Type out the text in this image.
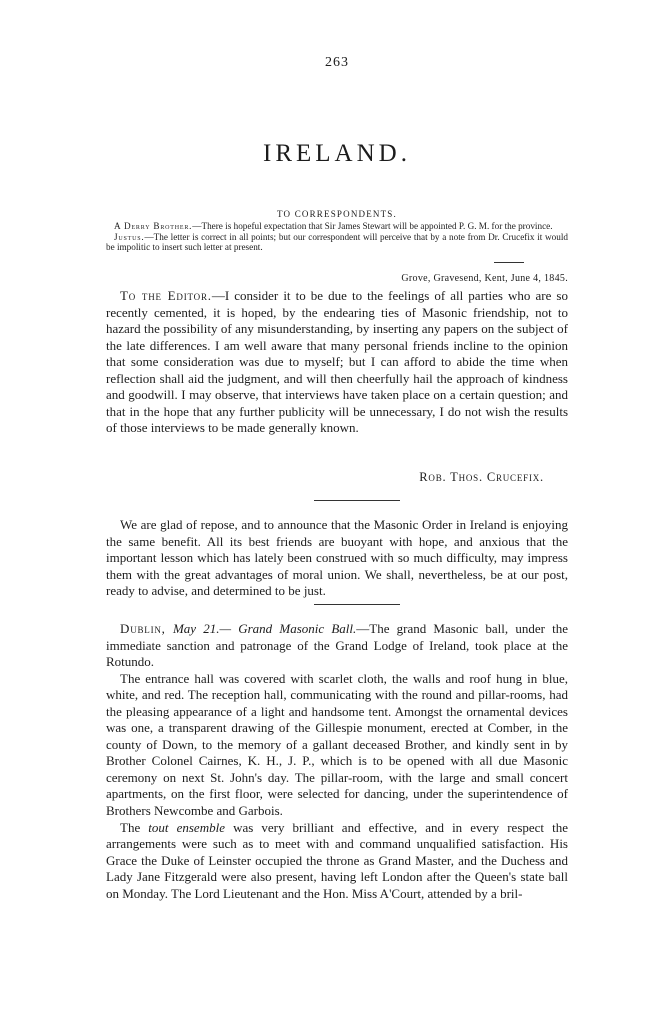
263
IRELAND.
TO CORRESPONDENTS.

A Derry Brother.—There is hopeful expectation that Sir James Stewart will be appointed P. G. M. for the province.

Justus.—The letter is correct in all points; but our correspondent will perceive that by a note from Dr. Crucefix it would be impolitic to insert such letter at present.

Grove, Gravesend, Kent, June 4, 1845.

To the Editor.—I consider it to be due to the feelings of all parties who are so recently cemented, it is hoped, by the endearing ties of Masonic friendship, not to hazard the possibility of any misunderstanding, by inserting any papers on the subject of the late differences. I am well aware that many personal friends incline to the opinion that some consideration was due to myself; but I can afford to abide the time when reflection shall aid the judgment, and will then cheerfully hail the approach of kindness and goodwill. I may observe, that interviews have taken place on a certain question; and that in the hope that any further publicity will be unnecessary, I do not wish the results of those interviews to be made generally known.

Rob. Thos. Crucefix.

We are glad of repose, and to announce that the Masonic Order in Ireland is enjoying the same benefit. All its best friends are buoyant with hope, and anxious that the important lesson which has lately been construed with so much difficulty, may impress them with the great advantages of moral union. We shall, nevertheless, be at our post, ready to advise, and determined to be just.

Dublin, May 21.— Grand Masonic Ball.—The grand Masonic ball, under the immediate sanction and patronage of the Grand Lodge of Ireland, took place at the Rotundo.

The entrance hall was covered with scarlet cloth, the walls and roof hung in blue, white, and red. The reception hall, communicating with the round and pillar-rooms, had the pleasing appearance of a light and handsome tent. Amongst the ornamental devices was one, a transparent drawing of the Gillespie monument, erected at Comber, in the county of Down, to the memory of a gallant deceased Brother, and kindly sent in by Brother Colonel Cairnes, K. H., J. P., which is to be opened with all due Masonic ceremony on next St. John's day. The pillar-room, with the large and small concert apartments, on the first floor, were selected for dancing, under the superintendence of Brothers Newcombe and Garbois.

The tout ensemble was very brilliant and effective, and in every respect the arrangements were such as to meet with and command unqualified satisfaction. His Grace the Duke of Leinster occupied the throne as Grand Master, and the Duchess and Lady Jane Fitzgerald were also present, having left London after the Queen's state ball on Monday. The Lord Lieutenant and the Hon. Miss A'Court, attended by a bril-
